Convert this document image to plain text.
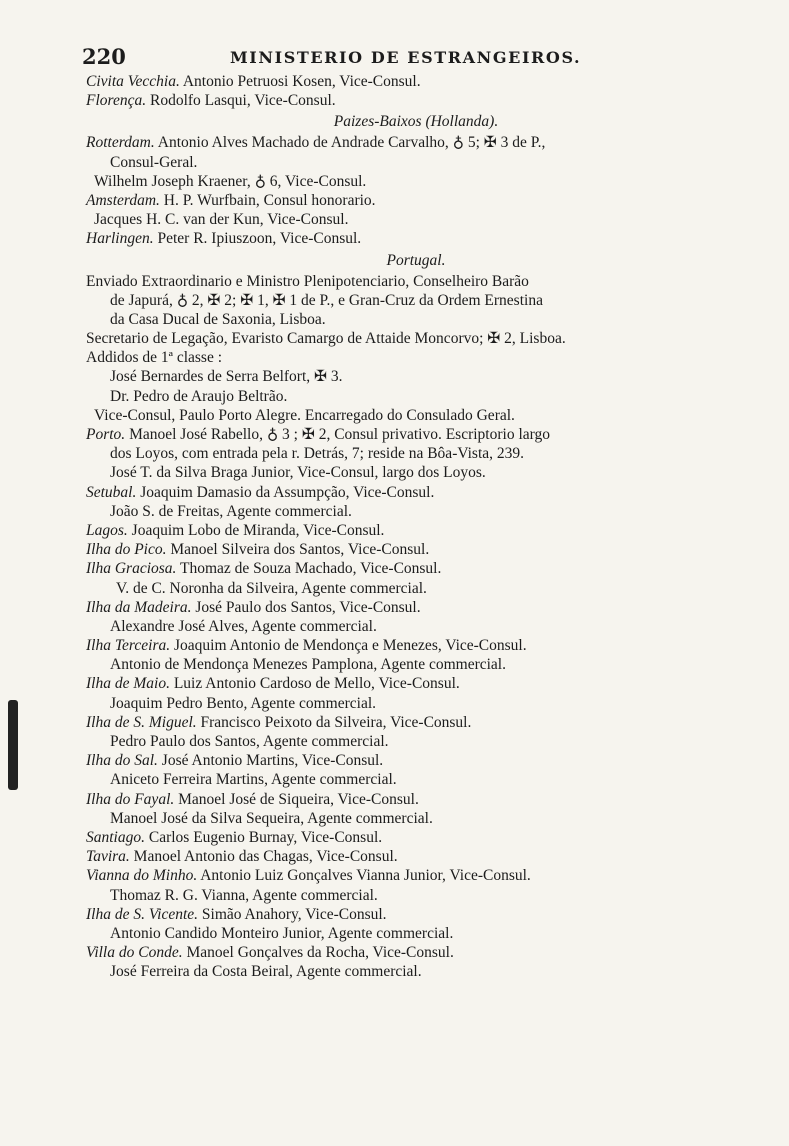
220	MINISTERIO DE ESTRANGEIROS.
Civita Vecchia. Antonio Petruosi Kosen, Vice-Consul.
Florença. Rodolfo Lasqui, Vice-Consul.
Paizes-Baixos (Hollanda).
Rotterdam. Antonio Alves Machado de Andrade Carvalho, ♁ 5; ✠ 3 de P.,
Consul-Geral.
Wilhelm Joseph Kraener, ♁ 6, Vice-Consul.
Amsterdam. H. P. Wurfbain, Consul honorario.
Jacques H. C. van der Kun, Vice-Consul.
Harlingen. Peter R. Ipiuszoon, Vice-Consul.
Portugal.
Enviado Extraordinario e Ministro Plenipotenciario, Conselheiro Barão
de Japurá, ♁ 2, ✠ 2; ✠ 1, ✠ 1 de P., e Gran-Cruz da Ordem Ernestina
da Casa Ducal de Saxonia, Lisboa.
Secretario de Legação, Evaristo Camargo de Attaide Moncorvo; ✠ 2, Lisboa.
Addidos de 1ª classe :
José Bernardes de Serra Belfort, ✠ 3.
Dr. Pedro de Araujo Beltrão.
Vice-Consul, Paulo Porto Alegre. Encarregado do Consulado Geral.
Porto. Manoel José Rabello, ♁ 3 ; ✠ 2, Consul privativo. Escriptorio largo
dos Loyos, com entrada pela r. Detrás, 7; reside na Bôa-Vista, 239.
José T. da Silva Braga Junior, Vice-Consul, largo dos Loyos.
Setubal. Joaquim Damasio da Assumpção, Vice-Consul.
João S. de Freitas, Agente commercial.
Lagos. Joaquim Lobo de Miranda, Vice-Consul.
Ilha do Pico. Manoel Silveira dos Santos, Vice-Consul.
Ilha Graciosa. Thomaz de Souza Machado, Vice-Consul.
V. de C. Noronha da Silveira, Agente commercial.
Ilha da Madeira. José Paulo dos Santos, Vice-Consul.
Alexandre José Alves, Agente commercial.
Ilha Terceira. Joaquim Antonio de Mendonça e Menezes, Vice-Consul.
Antonio de Mendonça Menezes Pamplona, Agente commercial.
Ilha de Maio. Luiz Antonio Cardoso de Mello, Vice-Consul.
Joaquim Pedro Bento, Agente commercial.
Ilha de S. Miguel. Francisco Peixoto da Silveira, Vice-Consul.
Pedro Paulo dos Santos, Agente commercial.
Ilha do Sal. José Antonio Martins, Vice-Consul.
Aniceto Ferreira Martins, Agente commercial.
Ilha do Fayal. Manoel José de Siqueira, Vice-Consul.
Manoel José da Silva Sequeira, Agente commercial.
Santiago. Carlos Eugenio Burnay, Vice-Consul.
Tavira. Manoel Antonio das Chagas, Vice-Consul.
Vianna do Minho. Antonio Luiz Gonçalves Vianna Junior, Vice-Consul.
Thomaz R. G. Vianna, Agente commercial.
Ilha de S. Vicente. Simão Anahory, Vice-Consul.
Antonio Candido Monteiro Junior, Agente commercial.
Villa do Conde. Manoel Gonçalves da Rocha, Vice-Consul.
José Ferreira da Costa Beiral, Agente commercial.
